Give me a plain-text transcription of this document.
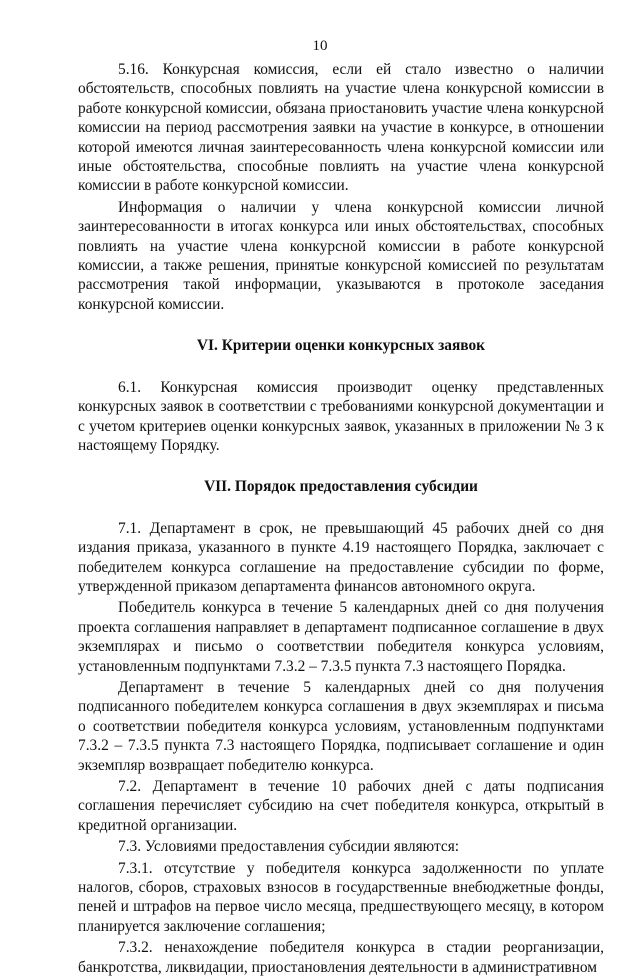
10

5.16. Конкурсная комиссия, если ей стало известно о наличии обстоятельств, способных повлиять на участие члена конкурсной комиссии в работе конкурсной комиссии, обязана приостановить участие члена конкурсной комиссии на период рассмотрения заявки на участие в конкурсе, в отношении которой имеются личная заинтересованность члена конкурсной комиссии или иные обстоятельства, способные повлиять на участие члена конкурсной комиссии в работе конкурсной комиссии.

Информация о наличии у члена конкурсной комиссии личной заинтересованности в итогах конкурса или иных обстоятельствах, способных повлиять на участие члена конкурсной комиссии в работе конкурсной комиссии, а также решения, принятые конкурсной комиссией по результатам рассмотрения такой информации, указываются в протоколе заседания конкурсной комиссии.

VI. Критерии оценки конкурсных заявок

6.1. Конкурсная комиссия производит оценку представленных конкурсных заявок в соответствии с требованиями конкурсной документации и с учетом критериев оценки конкурсных заявок, указанных в приложении № 3 к настоящему Порядку.

VII. Порядок предоставления субсидии

7.1. Департамент в срок, не превышающий 45 рабочих дней со дня издания приказа, указанного в пункте 4.19 настоящего Порядка, заключает с победителем конкурса соглашение на предоставление субсидии по форме, утвержденной приказом департамента финансов автономного округа.

Победитель конкурса в течение 5 календарных дней со дня получения проекта соглашения направляет в департамент подписанное соглашение в двух экземплярах и письмо о соответствии победителя конкурса условиям, установленным подпунктами 7.3.2 – 7.3.5 пункта 7.3 настоящего Порядка.

Департамент в течение 5 календарных дней со дня получения подписанного победителем конкурса соглашения в двух экземплярах и письма о соответствии победителя конкурса условиям, установленным подпунктами 7.3.2 – 7.3.5 пункта 7.3 настоящего Порядка, подписывает соглашение и один экземпляр возвращает победителю конкурса.

7.2. Департамент в течение 10 рабочих дней с даты подписания соглашения перечисляет субсидию на счет победителя конкурса, открытый в кредитной организации.

7.3. Условиями предоставления субсидии являются:

7.3.1. отсутствие у победителя конкурса задолженности по уплате налогов, сборов, страховых взносов в государственные внебюджетные фонды, пеней и штрафов на первое число месяца, предшествующего месяцу, в котором планируется заключение соглашения;

7.3.2. ненахождение победителя конкурса в стадии реорганизации, банкротства, ликвидации, приостановления деятельности в административном
